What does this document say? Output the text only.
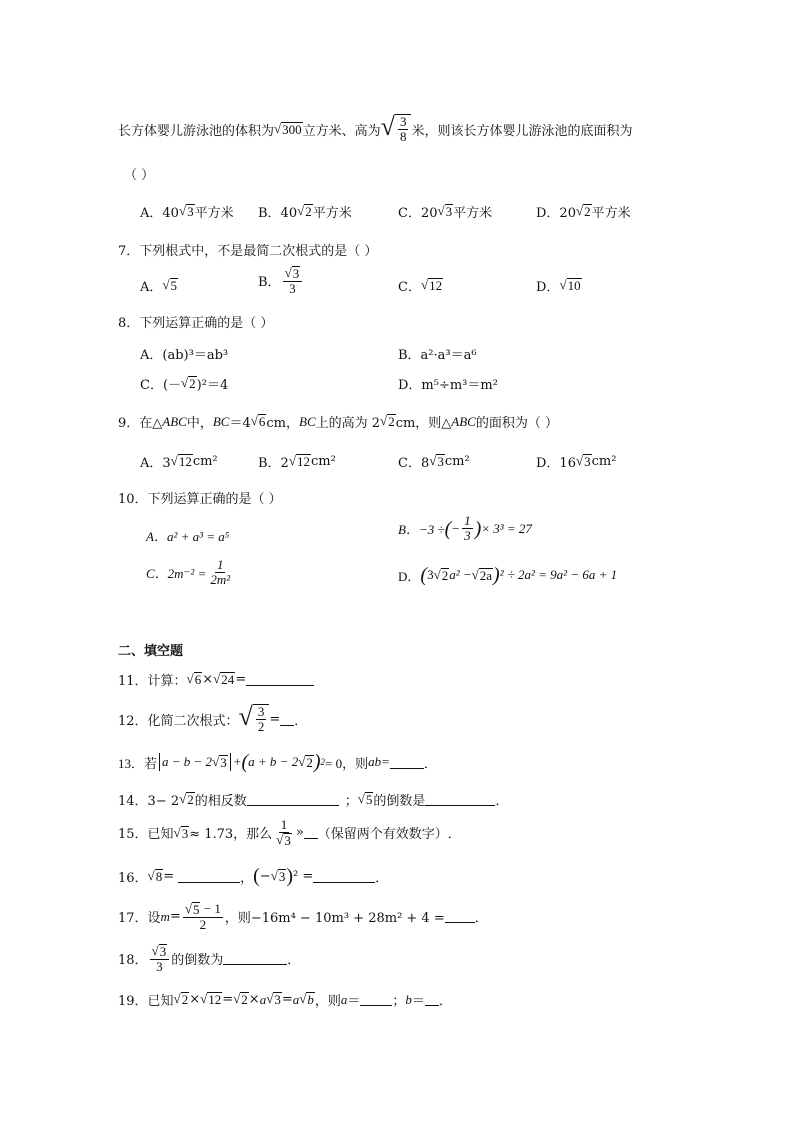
长方体婴儿游泳池的体积为 √ 300 立方米、高为 √ $\frac{3}{8}$ 米，则该长方体婴儿游泳池的底面积为
（ ）
A．40 √ 3 平方米 B．40 √ 2 平方米	C．20 √ 3 平方米	D．20 √ 2 平方米
7．下列根式中，不是最简二次根式的是（ ）
A． √ 5	B． $\frac{√ 3}{3}$	C． √ 12	D． √ 10
8．下列运算正确的是（ ）
A．(ab)³＝ab³	B．a²·a³＝a⁶
C．(－ √ 2 )²＝4	D．m⁵÷m³＝m²
9．在△ ABC 中， BC ＝4 √ 6 cm， BC 上的高为 2 √ 2 cm，则△ ABC 的面积为（ ）
A．3 √ 12 cm²	B．2 √ 12 cm²	C．8 √ 3 cm²	D．16 √ 3 cm²
10．下列运算正确的是（ ）
A．a² + a³ = a⁵	B．−3 ÷ ( − $\frac{1}{3}$ ) × 3³ = 27
C．$2m^{-2} = \frac{1}{\text{2m²}}$	D． ( 3 √ 2 a² − √ 2a ) ² ÷ 2a² = 9a² − 6a + 1
二、填空题
11．计算： √ 6 × √ 24 =
12．化简二次根式： √ $\frac{3}{2}$ = ．
13．若 a − b − 2 √ 3 + ( a + b − 2 √ 2 ) 2 = 0，则 ab =	．
14．3− 2 √ 2 的相反数	； √ 5 的倒数是	．
15．已知 √ 3 ≈ 1.73，那么 $\frac{1}{√ 3}$ » （保留两个有效数字） ．
16． √ 8 =	， ( − √ 3 ) ² =	．
17．设 $m = \frac{√ 5 - 1}{2}$ ，则−16m⁴ − 10m³ + 28m² + 4 = ．
18． $\frac{√ 3}{3}$ 的倒数为	．
19．已知 √ 2 × √ 12 = √ 2 × a √ 3 = a √ b ，则 a ＝ ； b ＝ ．
